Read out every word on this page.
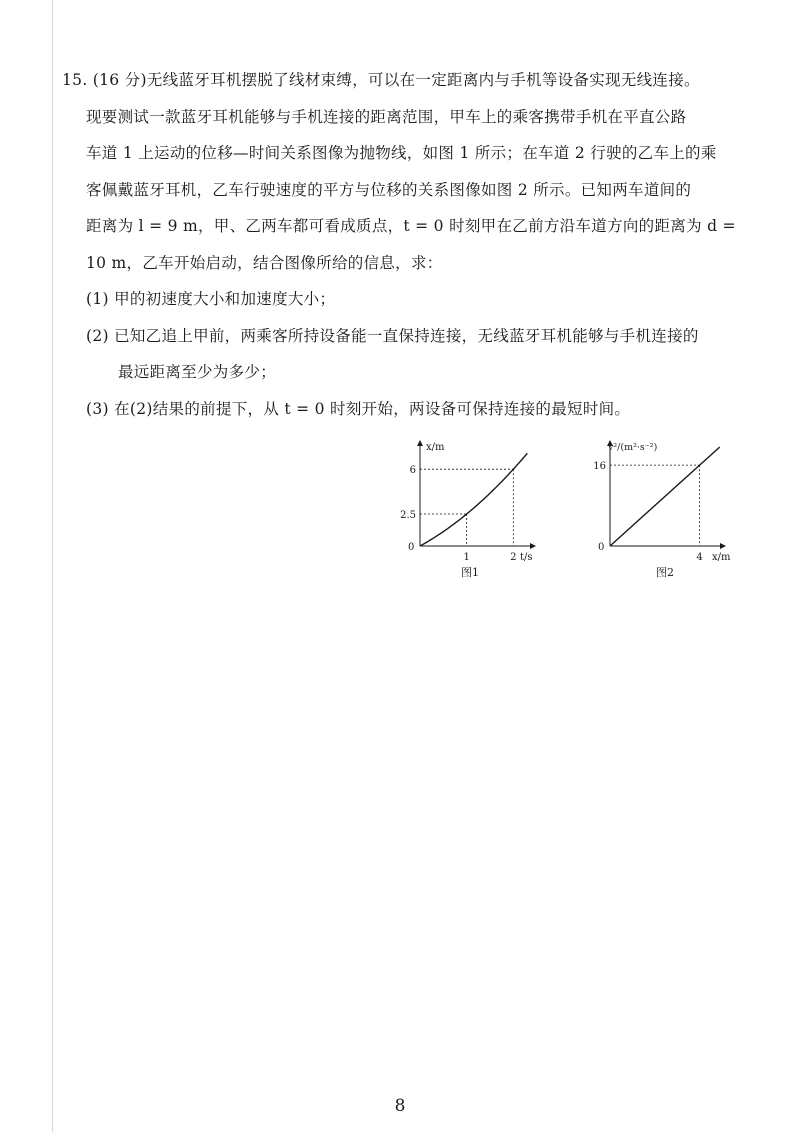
15. (16 分)无线蓝牙耳机摆脱了线材束缚，可以在一定距离内与手机等设备实现无线连接。
现要测试一款蓝牙耳机能够与手机连接的距离范围，甲车上的乘客携带手机在平直公路
车道 1 上运动的位移—时间关系图像为抛物线，如图 1 所示；在车道 2 行驶的乙车上的乘
客佩戴蓝牙耳机，乙车行驶速度的平方与位移的关系图像如图 2 所示。已知两车道间的
距离为 l = 9 m，甲、乙两车都可看成质点，t = 0 时刻甲在乙前方沿车道方向的距离为 d =
10 m，乙车开始启动，结合图像所给的信息，求：
(1) 甲的初速度大小和加速度大小；
(2) 已知乙追上甲前，两乘客所持设备能一直保持连接，无线蓝牙耳机能够与手机连接的
最远距离至少为多少；
(3) 在(2)结果的前提下，从 t = 0 时刻开始，两设备可保持连接的最短时间。
x/m
t/s
0
1	2
2.5
6
图1
v²/(m²·s⁻²)
x/m
0
4
16
图2
8
